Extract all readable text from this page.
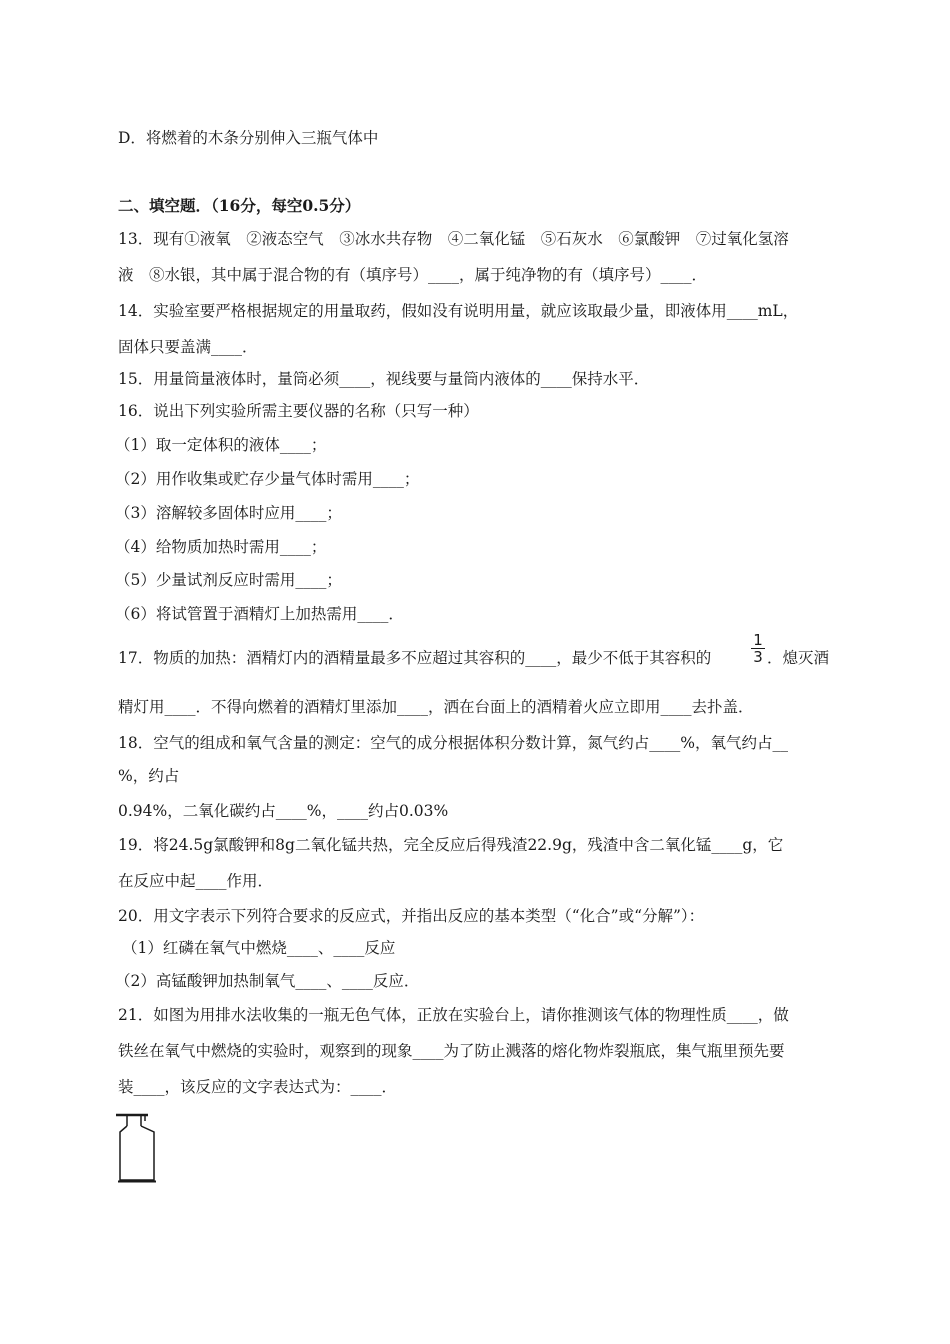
D．将燃着的木条分别伸入三瓶气体中
二、填空题．（16分，每空0.5分）
13．现有①液氧　②液态空气　③冰水共存物　④二氧化锰　⑤石灰水　⑥氯酸钾　⑦过氧化氢溶
液　⑧水银，其中属于混合物的有（填序号）____，属于纯净物的有（填序号）____．
14．实验室要严格根据规定的用量取药，假如没有说明用量，就应该取最少量，即液体用____mL，
固体只要盖满____．
15．用量筒量液体时，量筒必须____，视线要与量筒内液体的____保持水平．
16．说出下列实验所需主要仪器的名称（只写一种）
（1）取一定体积的液体____；
（2）用作收集或贮存少量气体时需用____；
（3）溶解较多固体时应用____；
（4）给物质加热时需用____；
（5）少量试剂反应时需用____；
（6）将试管置于酒精灯上加热需用____．
17．物质的加热：酒精灯内的酒精量最多不应超过其容积的____，最少不低于其容积的	$\frac{1}{3}$ ．熄灭酒
精灯用____．不得向燃着的酒精灯里添加____，洒在台面上的酒精着火应立即用____去扑盖．
18．空气的组成和氧气含量的测定：空气的成分根据体积分数计算，氮气约占____%，氧气约占__
%，约占
0.94%，二氧化碳约占____%，____约占0.03%
19．将24.5g氯酸钾和8g二氧化锰共热，完全反应后得残渣22.9g，残渣中含二氧化锰____g，它
在反应中起____作用．
20．用文字表示下列符合要求的反应式，并指出反应的基本类型（“化合”或“分解”）：
（1）红磷在氧气中燃烧____、____反应
（2）高锰酸钾加热制氧气____、____反应．
21．如图为用排水法收集的一瓶无色气体，正放在实验台上，请你推测该气体的物理性质____，做
铁丝在氧气中燃烧的实验时，观察到的现象____为了防止溅落的熔化物炸裂瓶底，集气瓶里预先要
装____，该反应的文字表达式为：____．
